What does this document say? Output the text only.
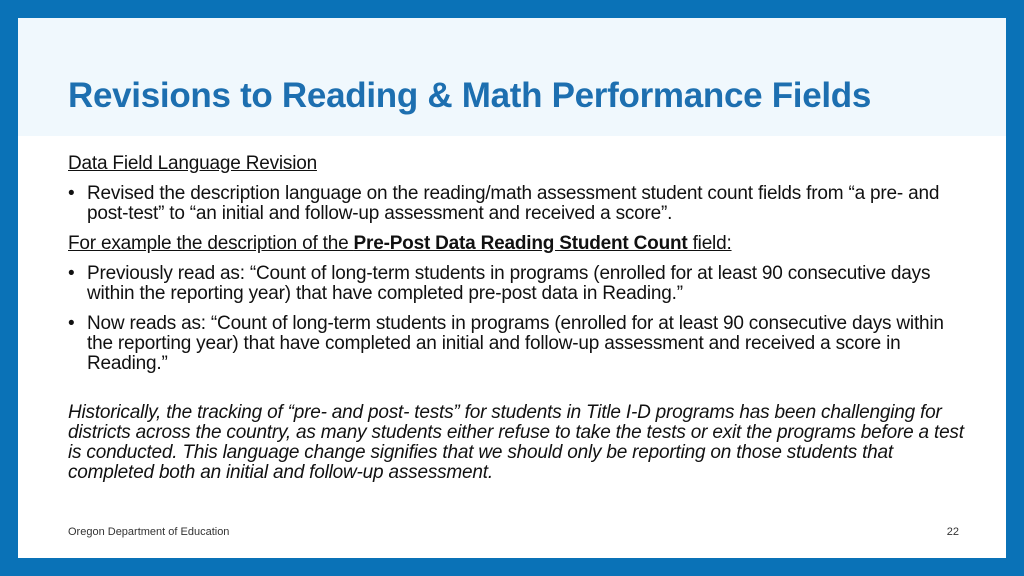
Revisions to Reading & Math Performance Fields

Data Field Language Revision

• Revised the description language on the reading/math assessment student count fields from “a pre- and post-test” to “an initial and follow-up assessment and received a score”.

For example the description of the Pre-Post Data Reading Student Count field:

• Previously read as: “Count of long-term students in programs (enrolled for at least 90 consecutive days within the reporting year) that have completed pre-post data in Reading.”
• Now reads as: “Count of long-term students in programs (enrolled for at least 90 consecutive days within the reporting year) that have completed an initial and follow-up assessment and received a score in Reading.”

Historically, the tracking of “pre- and post- tests” for students in Title I-D programs has been challenging for districts across the country, as many students either refuse to take the tests or exit the programs before a test is conducted. This language change signifies that we should only be reporting on those students that completed both an initial and follow-up assessment.

Oregon Department of Education	22
